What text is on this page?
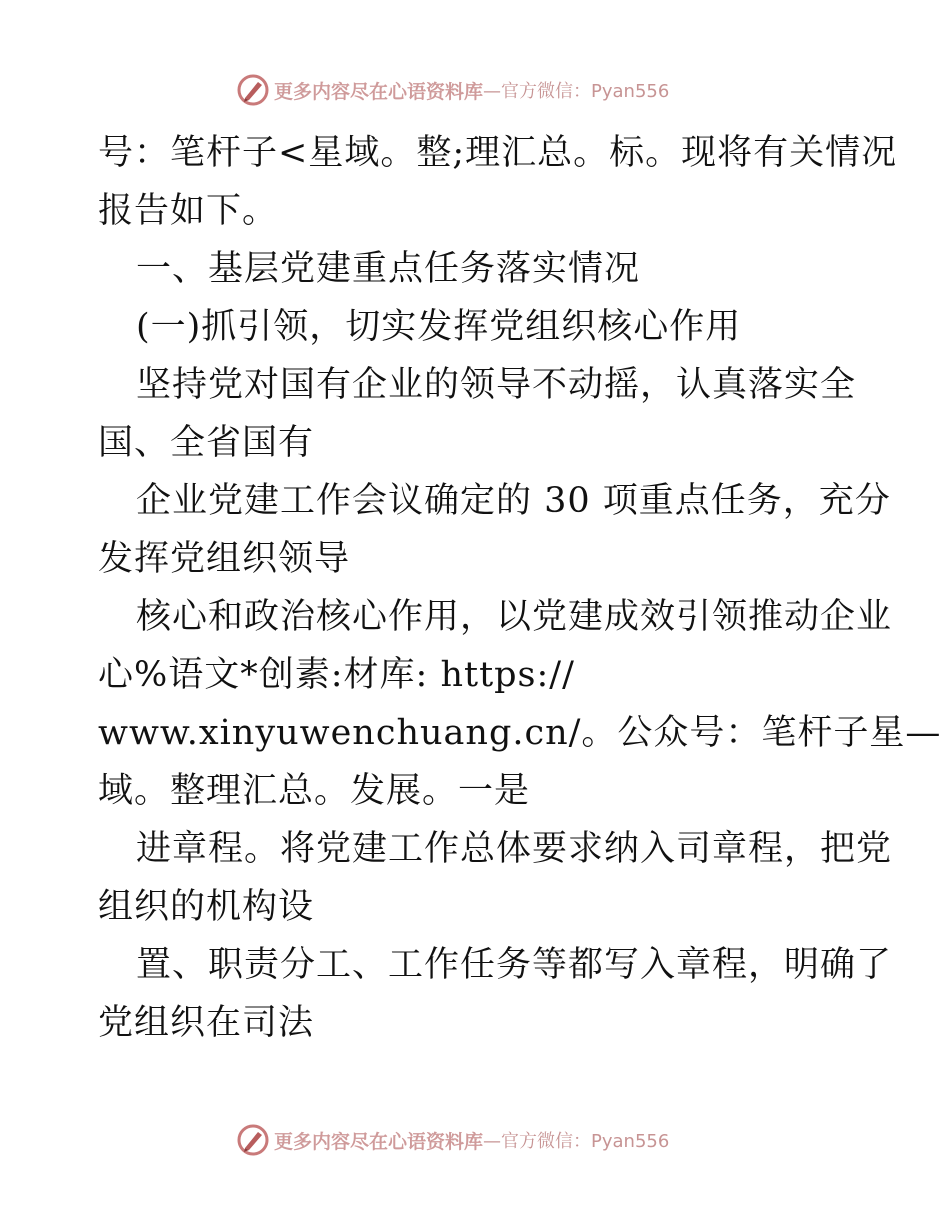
更多内容尽在心语资料库 —官方微信：Pyan556
号：笔杆子<星域。整;理汇总。标。现将有关情况
报告如下。
一、基层党建重点任务落实情况
(一)抓引领，切实发挥党组织核心作用
坚持党对国有企业的领导不动摇，认真落实全
国、全省国有
企业党建工作会议确定的 30 项重点任务，充分
发挥党组织领导
核心和政治核心作用，以党建成效引领推动企业
心%语文*创素:材库: https://
www.xinyuwenchuang.cn/。公众号：笔杆子星—
域。整理汇总。发展。一是
进章程。将党建工作总体要求纳入司章程，把党
组织的机构设
置、职责分工、工作任务等都写入章程，明确了
党组织在司法
更多内容尽在心语资料库 —官方微信：Pyan556
